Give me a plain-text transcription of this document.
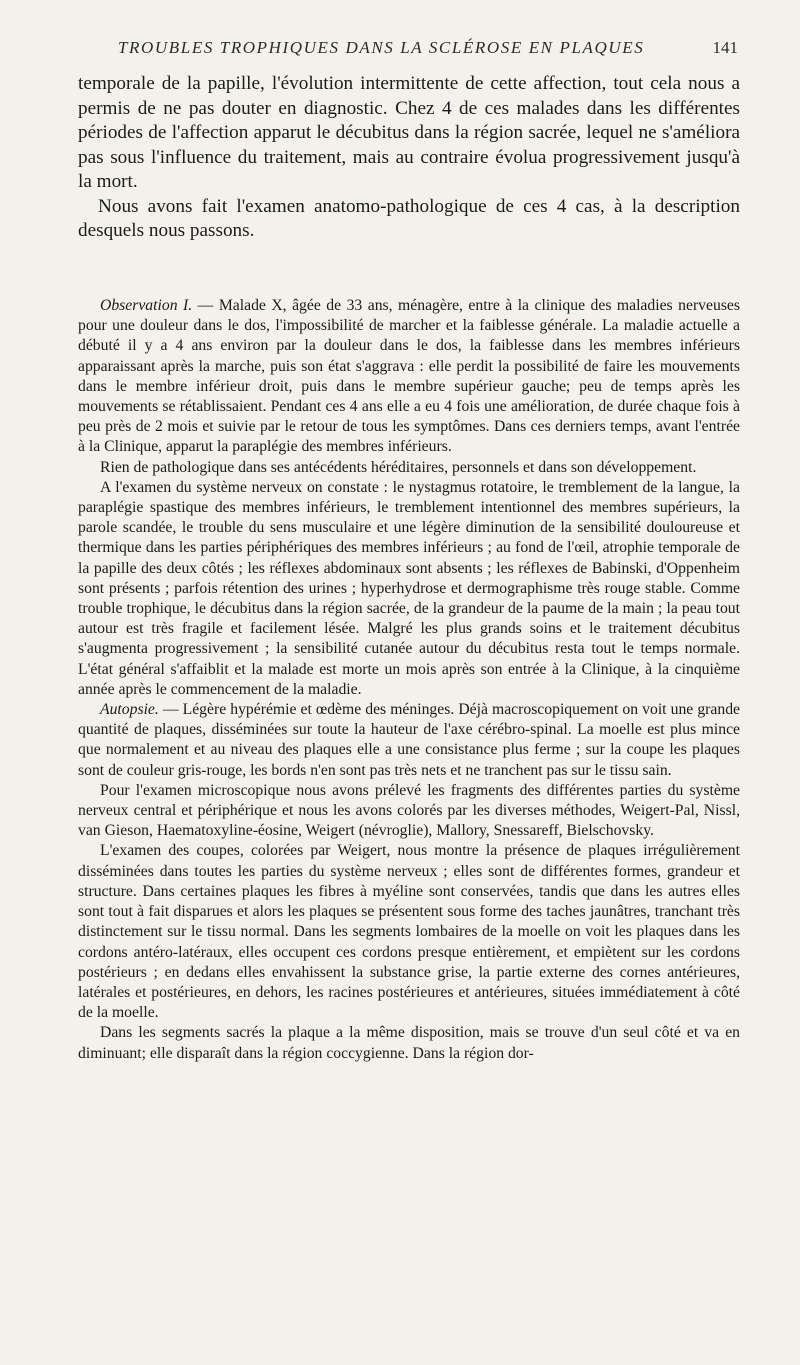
TROUBLES TROPHIQUES DANS LA SCLÉROSE EN PLAQUES	141

temporale de la papille, l'évolution intermittente de cette affection, tout cela nous a permis de ne pas douter en diagnostic. Chez 4 de ces malades dans les différentes périodes de l'affection apparut le décubitus dans la région sacrée, lequel ne s'améliora pas sous l'influence du traitement, mais au contraire évolua progressivement jusqu'à la mort.

Nous avons fait l'examen anatomo-pathologique de ces 4 cas, à la description desquels nous passons.

Observation I. — Malade X, âgée de 33 ans, ménagère, entre à la clinique des maladies nerveuses pour une douleur dans le dos, l'impossibilité de marcher et la faiblesse générale. La maladie actuelle a débuté il y a 4 ans environ par la douleur dans le dos, la faiblesse dans les membres inférieurs apparaissant après la marche, puis son état s'aggrava : elle perdit la possibilité de faire les mouvements dans le membre inférieur droit, puis dans le membre supérieur gauche; peu de temps après les mouvements se rétablissaient. Pendant ces 4 ans elle a eu 4 fois une amélioration, de durée chaque fois à peu près de 2 mois et suivie par le retour de tous les symptômes. Dans ces derniers temps, avant l'entrée à la Clinique, apparut la paraplégie des membres inférieurs.

Rien de pathologique dans ses antécédents héréditaires, personnels et dans son développement.

A l'examen du système nerveux on constate : le nystagmus rotatoire, le tremblement de la langue, la paraplégie spastique des membres inférieurs, le tremblement intentionnel des membres supérieurs, la parole scandée, le trouble du sens musculaire et une légère diminution de la sensibilité douloureuse et thermique dans les parties périphériques des membres inférieurs ; au fond de l'œil, atrophie temporale de la papille des deux côtés ; les réflexes abdominaux sont absents ; les réflexes de Babinski, d'Oppenheim sont présents ; parfois rétention des urines ; hyperhydrose et dermographisme très rouge stable. Comme trouble trophique, le décubitus dans la région sacrée, de la grandeur de la paume de la main ; la peau tout autour est très fragile et facilement lésée. Malgré les plus grands soins et le traitement décubitus s'augmenta progressivement ; la sensibilité cutanée autour du décubitus resta tout le temps normale. L'état général s'affaiblit et la malade est morte un mois après son entrée à la Clinique, à la cinquième année après le commencement de la maladie.

Autopsie. — Légère hypérémie et œdème des méninges. Déjà macroscopiquement on voit une grande quantité de plaques, disséminées sur toute la hauteur de l'axe cérébro-spinal. La moelle est plus mince que normalement et au niveau des plaques elle a une consistance plus ferme ; sur la coupe les plaques sont de couleur gris-rouge, les bords n'en sont pas très nets et ne tranchent pas sur le tissu sain.

Pour l'examen microscopique nous avons prélevé les fragments des différentes parties du système nerveux central et périphérique et nous les avons colorés par les diverses méthodes, Weigert-Pal, Nissl, van Gieson, Haematoxyline-éosine, Weigert (névroglie), Mallory, Snessareff, Bielschovsky.

L'examen des coupes, colorées par Weigert, nous montre la présence de plaques irrégulièrement disséminées dans toutes les parties du système nerveux ; elles sont de différentes formes, grandeur et structure. Dans certaines plaques les fibres à myéline sont conservées, tandis que dans les autres elles sont tout à fait disparues et alors les plaques se présentent sous forme des taches jaunâtres, tranchant très distinctement sur le tissu normal. Dans les segments lombaires de la moelle on voit les plaques dans les cordons antéro-latéraux, elles occupent ces cordons presque entièrement, et empiètent sur les cordons postérieurs ; en dedans elles envahissent la substance grise, la partie externe des cornes antérieures, latérales et postérieures, en dehors, les racines postérieures et antérieures, situées immédiatement à côté de la moelle.

Dans les segments sacrés la plaque a la même disposition, mais se trouve d'un seul côté et va en diminuant; elle disparaît dans la région coccygienne. Dans la région dor-
